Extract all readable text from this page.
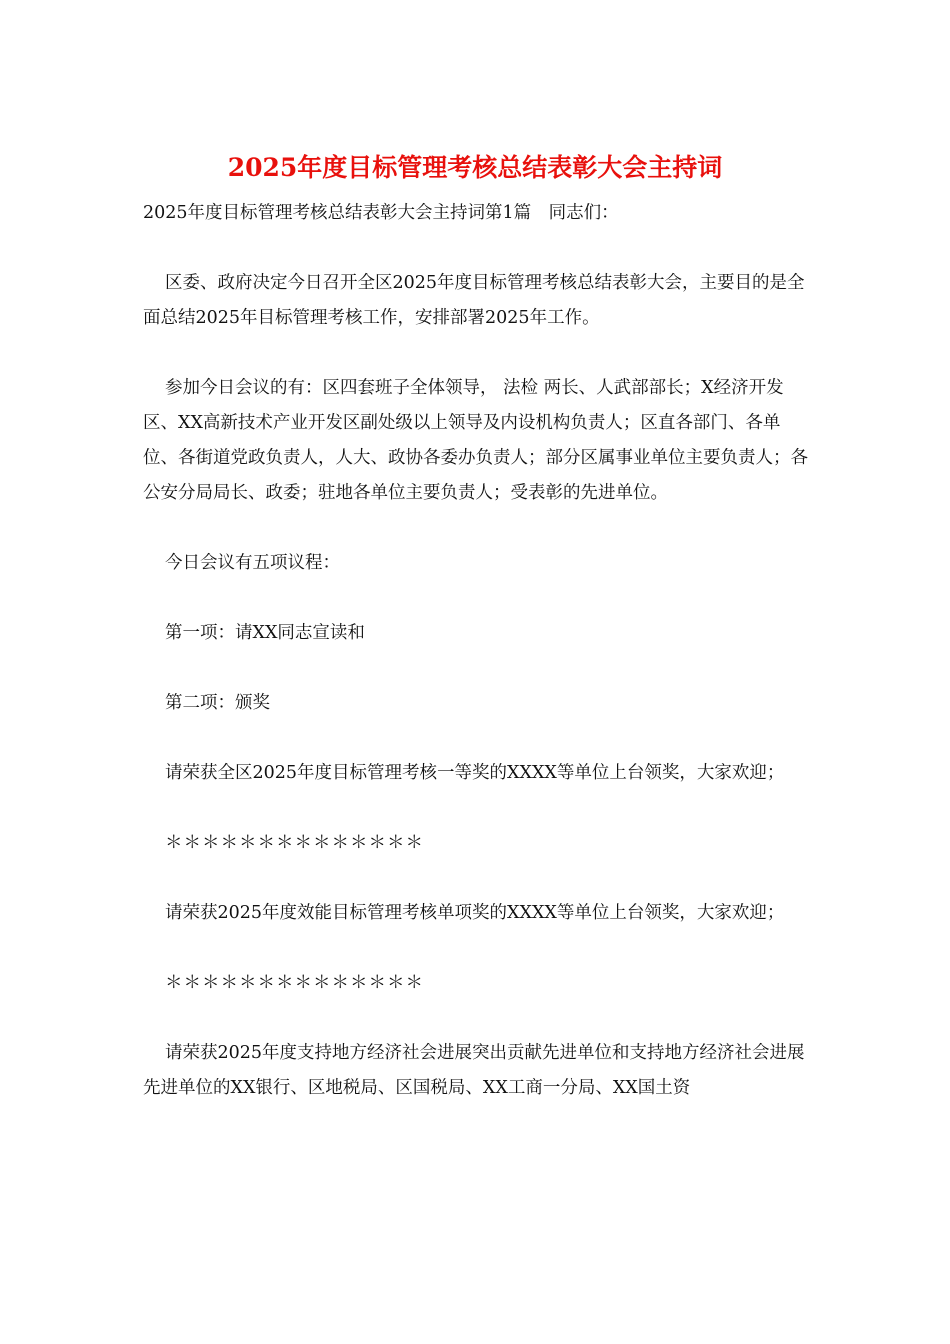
2025年度目标管理考核总结表彰大会主持词

2025年度目标管理考核总结表彰大会主持词第1篇　同志们：

区委、政府决定今日召开全区2025年度目标管理考核总结表彰大会，主要目的是全面总结2025年目标管理考核工作，安排部署2025年工作。

参加今日会议的有：区四套班子全体领导， 法检 两长、人武部部长；X经济开发区、XX高新技术产业开发区副处级以上领导及内设机构负责人；区直各部门、各单位、各街道党政负责人，人大、政协各委办负责人；部分区属事业单位主要负责人；各公安分局局长、政委；驻地各单位主要负责人；受表彰的先进单位。

今日会议有五项议程：

第一项：请XX同志宣读和

第二项：颁奖

请荣获全区2025年度目标管理考核一等奖的XXXX等单位上台领奖，大家欢迎；

＊＊＊＊＊＊＊＊＊＊＊＊＊＊

请荣获2025年度效能目标管理考核单项奖的XXXX等单位上台领奖，大家欢迎；

＊＊＊＊＊＊＊＊＊＊＊＊＊＊

请荣获2025年度支持地方经济社会进展突出贡献先进单位和支持地方经济社会进展先进单位的XX银行、区地税局、区国税局、XX工商一分局、XX国土资
